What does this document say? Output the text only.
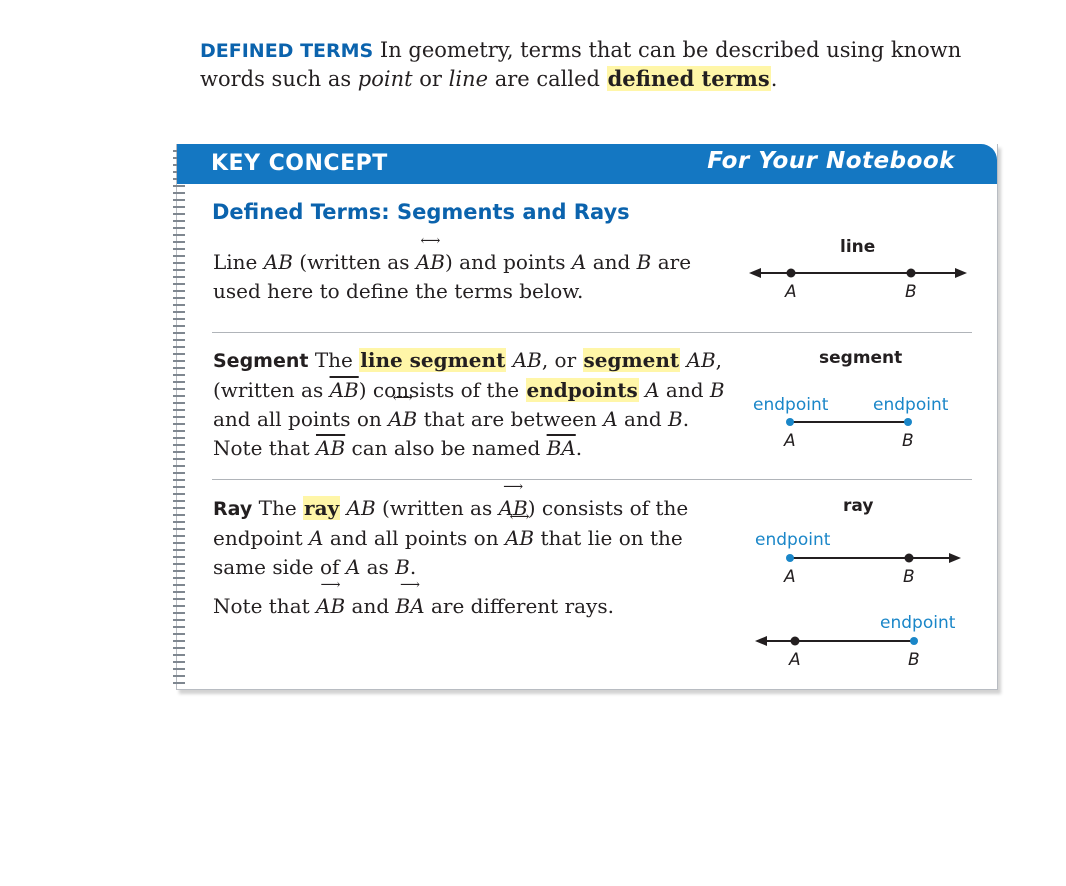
DEFINED TERMS In geometry, terms that can be described using known words such as point or line are called defined terms.
KEY CONCEPT	For Your Notebook
Defined Terms: Segments and Rays
Line AB (written as ⟷ AB) and points A and B are used here to define the terms below.
line
A	B
Segment The line segment AB, or segment AB, (written as $\overline{AB}$) consists of the endpoints A and B and all points on ⟷ AB that are between A and B. Note that $\overline{AB}$ can also be named $\overline{BA}$.
segment
endpoint	endpoint
A	B
Ray The ray AB (written as ⟶ AB) consists of the endpoint A and all points on ⟷ AB that lie on the same side of A as B.
Note that ⟶ AB and ⟶ BA are different rays.
ray
endpoint
endpoint
A	B
A	B
